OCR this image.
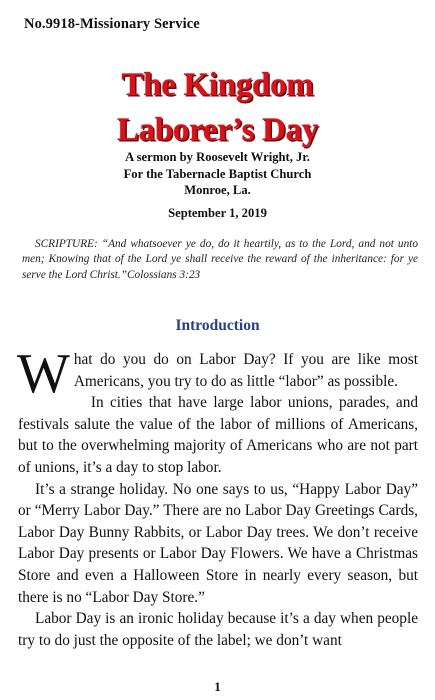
No.9918-Missionary Service
The Kingdom
Laborer’s Day
A sermon by Roosevelt Wright, Jr.
For the Tabernacle Baptist Church
Monroe, La.
September 1, 2019
SCRIPTURE: “And whatsoever ye do, do it heartily, as to the Lord, and not unto men; Knowing that of the Lord ye shall receive the reward of the inheritance: for ye serve the Lord Christ.”Colossians 3:23
Introduction

What do you do on Labor Day? If you are like most Americans, you try to do as little “labor” as possible.

In cities that have large labor unions, parades, and festivals salute the value of the labor of millions of Americans, but to the overwhelming majority of Americans who are not part of unions, it’s a day to stop labor.

It’s a strange holiday. No one says to us, “Happy Labor Day” or “Merry Labor Day.” There are no Labor Day Greetings Cards, Labor Day Bunny Rabbits, or Labor Day trees. We don’t receive Labor Day presents or Labor Day Flowers. We have a Christmas Store and even a Halloween Store in nearly every season, but there is no “Labor Day Store.”

Labor Day is an ironic holiday because it’s a day when people try to do just the opposite of the label; we don’t want

1
